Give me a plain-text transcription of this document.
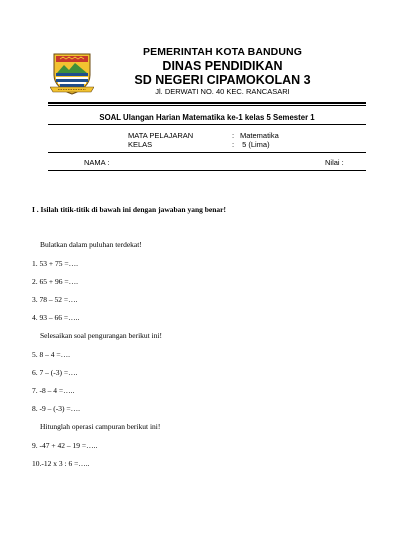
PEMERINTAH KOTA BANDUNG
DINAS PENDIDIKAN
SD NEGERI CIPAMOKOLAN 3
Jl. DERWATI NO. 40 KEC. RANCASARI
SOAL Ulangan Harian Matematika ke-1 kelas 5 Semester 1
MATA PELAJARAN	: Matematika
KELAS	: 5 (Lima)
NAMA :	Nilai :
I . Isilah titik-titik di bawah ini dengan jawaban yang benar!
Bulatkan dalam puluhan terdekat!
1. 53 + 75 =….
2. 65 + 96 =….
3. 78 – 52 =….
4. 93 – 66 =…..
Selesaikan soal pengurangan berikut ini!
5. 8 – 4 =….
6. 7 – (-3) =….
7. -8 – 4 =…..
8. -9 – (-3) =….
Hitunglah operasi campuran berikut ini!
9. -47 + 42 – 19 =…..
10.-12 x 3 : 6 =…..
